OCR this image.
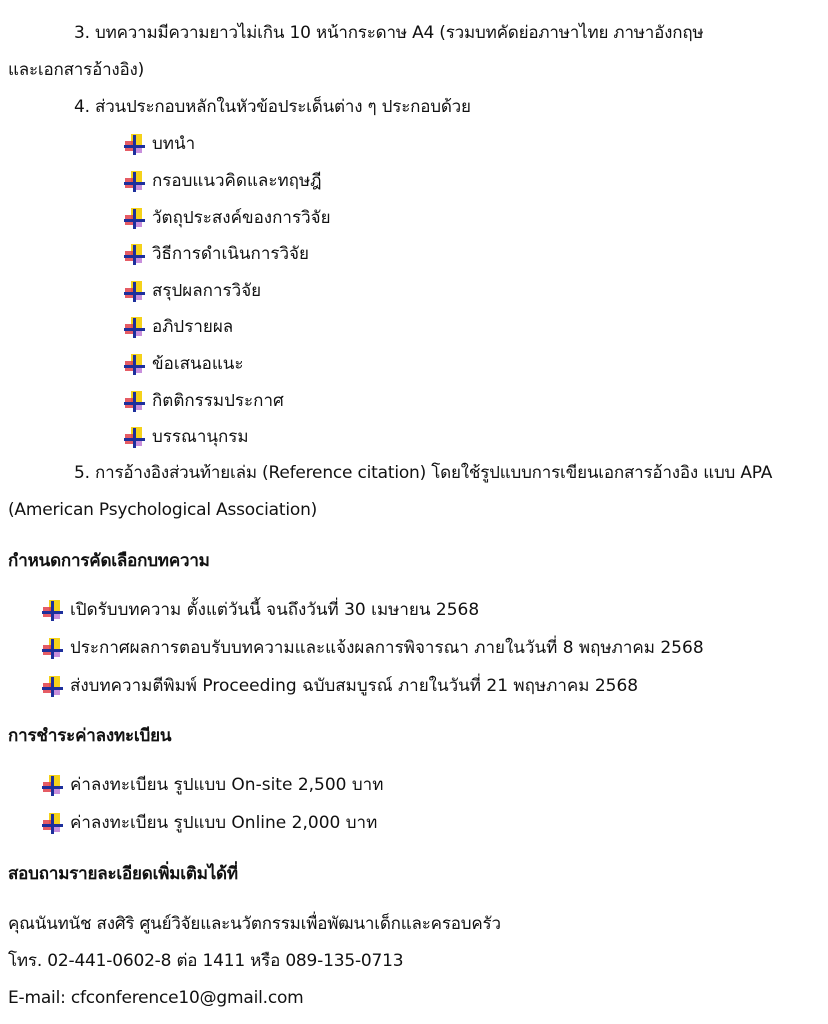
3. บทความมีความยาวไม่เกิน 10 หน้ากระดาษ A4 (รวมบทคัดย่อภาษาไทย ภาษาอังกฤษ
และเอกสารอ้างอิง)
4. ส่วนประกอบหลักในหัวข้อประเด็นต่าง ๆ ประกอบด้วย
บทนำ
กรอบแนวคิดและทฤษฎี
วัตถุประสงค์ของการวิจัย
วิธีการดำเนินการวิจัย
สรุปผลการวิจัย
อภิปรายผล
ข้อเสนอแนะ
กิตติกรรมประกาศ
บรรณานุกรม
5. การอ้างอิงส่วนท้ายเล่ม (Reference citation) โดยใช้รูปแบบการเขียนเอกสารอ้างอิง แบบ APA
(American Psychological Association)
กำหนดการคัดเลือกบทความ
เปิดรับบทความ ตั้งแต่วันนี้ จนถึงวันที่ 30 เมษายน 2568
ประกาศผลการตอบรับบทความและแจ้งผลการพิจารณา ภายในวันที่ 8 พฤษภาคม 2568
ส่งบทความตีพิมพ์ Proceeding ฉบับสมบูรณ์ ภายในวันที่ 21 พฤษภาคม 2568
การชำระค่าลงทะเบียน
ค่าลงทะเบียน รูปแบบ On-site 2,500 บาท
ค่าลงทะเบียน รูปแบบ Online 2,000 บาท
สอบถามรายละเอียดเพิ่มเติมได้ที่
คุณนันทนัช สงศิริ ศูนย์วิจัยและนวัตกรรมเพื่อพัฒนาเด็กและครอบครัว
โทร. 02-441-0602-8 ต่อ 1411 หรือ 089-135-0713
E-mail: cfconference10@gmail.com
